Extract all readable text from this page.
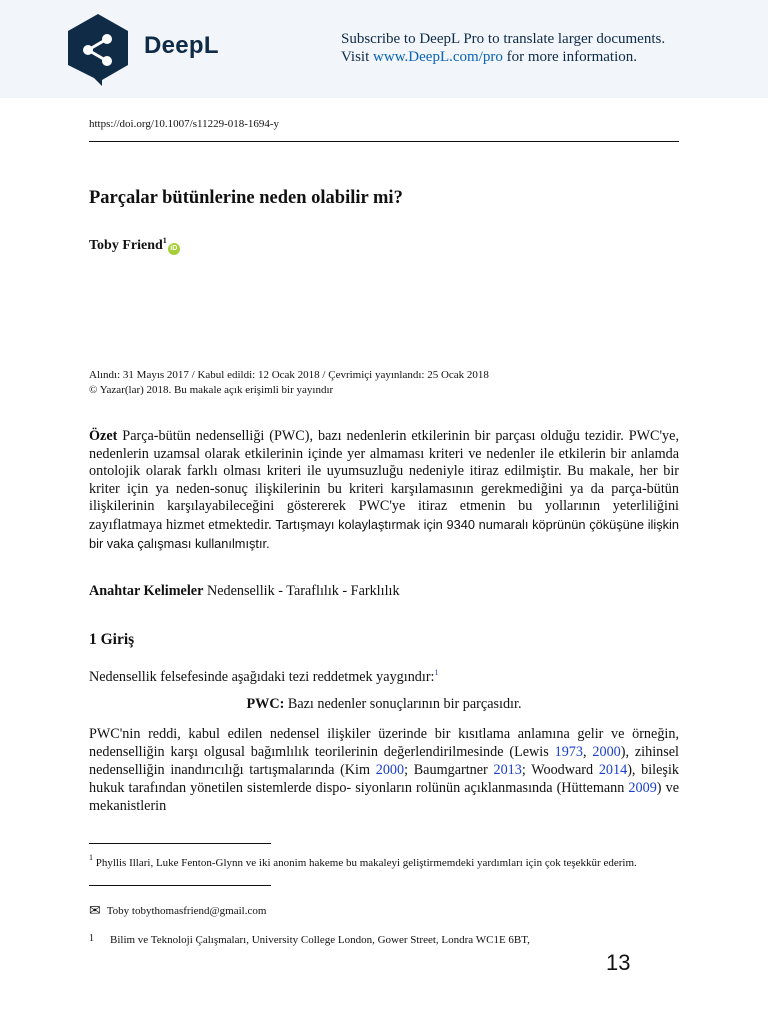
DeepL	Subscribe to DeepL Pro to translate larger documents.
Visit www.DeepL.com/pro for more information.
https://doi.org/10.1007/s11229-018-1694-y
Parçalar bütünlerine neden olabilir mi?
Toby Friend$^1$iD
Alındı: 31 Mayıs 2017 / Kabul edildi: 12 Ocak 2018 / Çevrimiçi yayınlandı: 25 Ocak 2018
© Yazar(lar) 2018. Bu makale açık erişimli bir yayındır
Özet Parça-bütün nedenselliği (PWC), bazı nedenlerin etkilerinin bir parçası olduğu tezidir. PWC'ye, nedenlerin uzamsal olarak etkilerinin içinde yer almaması kriteri ve nedenler ile etkilerin bir anlamda ontolojik olarak farklı olması kriteri ile uyumsuzluğu nedeniyle itiraz edilmiştir. Bu makale, her bir kriter için ya neden-sonuç ilişkilerinin bu kriteri karşılamasının gerekmediğini ya da parça-bütün ilişkilerinin karşılayabileceğini göstererek PWC'ye itiraz etmenin bu yollarının yeterliliğini zayıflatmaya hizmet etmektedir. Tartışmayı kolaylaştırmak için 9340 numaralı köprünün çöküşüne ilişkin bir vaka çalışması kullanılmıştır.
Anahtar Kelimeler Nedensellik - Taraflılık - Farklılık
1 Giriş
Nedensellik felsefesinde aşağıdaki tezi reddetmek yaygındır:$^1$
PWC: Bazı nedenler sonuçlarının bir parçasıdır.
PWC'nin reddi, kabul edilen nedensel ilişkiler üzerinde bir kısıtlama anlamına gelir ve örneğin, nedenselliğin karşı olgusal bağımlılık teorilerinin değerlendirilmesinde (Lewis 1973, 2000), zihinsel nedenselliğin inandırıcılığı tartışmalarında (Kim 2000; Baumgartner 2013; Woodward 2014), bileşik hukuk tarafından yönetilen sistemlerde dispo- siyonların rolünün açıklanmasında (Hüttemann 2009) ve mekanistlerin
$^1$ Phyllis Illari, Luke Fenton-Glynn ve iki anonim hakeme bu makaleyi geliştirmemdeki yardımları için çok teşekkür ederim.
✉ Toby tobythomasfriend@gmail.com
1 Bilim ve Teknoloji Çalışmaları, University College London, Gower Street, Londra WC1E 6BT,
13
